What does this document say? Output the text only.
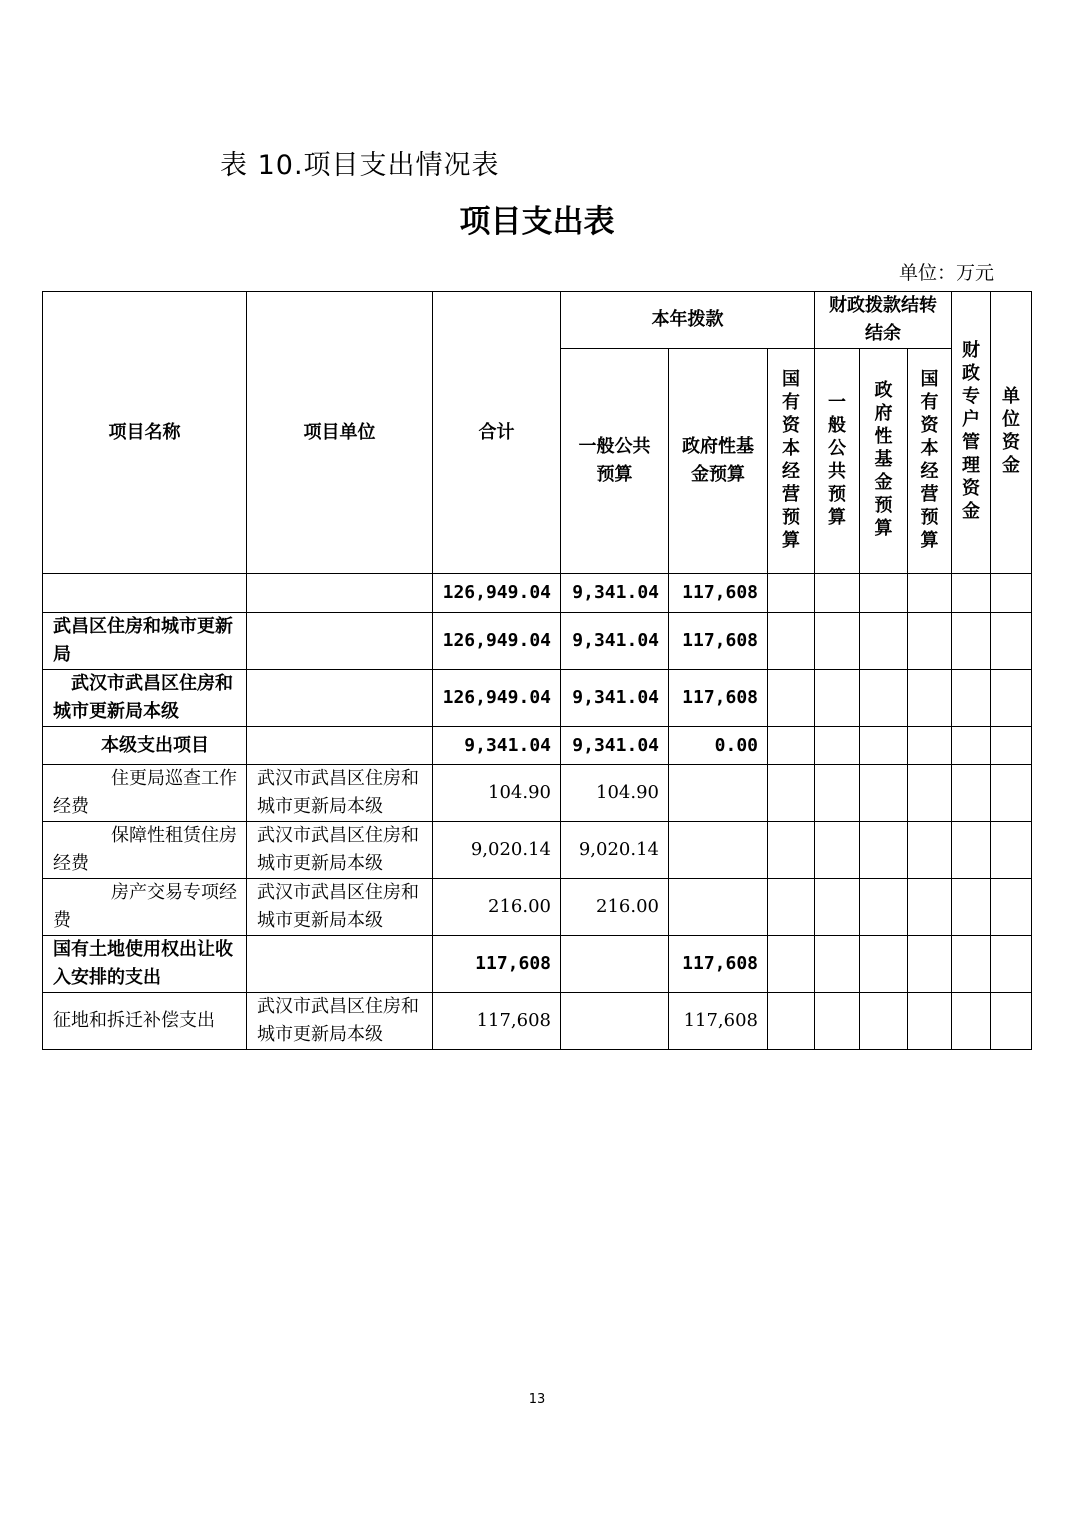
表 10.项目支出情况表
项目支出表
单位：万元
项目名称	项目单位	合计	本年拨款			财政拨款结转结余			财政专户管理资金	单位资金
			一般公共预算	政府性基金预算	国有资本经营预算	一般公共预算	政府性基金预算	国有资本经营预算		
		126,949.04	9,341.04	117,608						
武昌区住房和城市更新局		126,949.04	9,341.04	117,608						
武汉市武昌区住房和城市更新局本级		126,949.04	9,341.04	117,608						
本级支出项目		9,341.04	9,341.04	0.00						
住更局巡查工作经费	武汉市武昌区住房和城市更新局本级	104.90	104.90							
保障性租赁住房经费	武汉市武昌区住房和城市更新局本级	9,020.14	9,020.14							
房产交易专项经费	武汉市武昌区住房和城市更新局本级	216.00	216.00							
国有土地使用权出让收入安排的支出		117,608		117,608						
征地和拆迁补偿支出	武汉市武昌区住房和城市更新局本级	117,608		117,608						
13
